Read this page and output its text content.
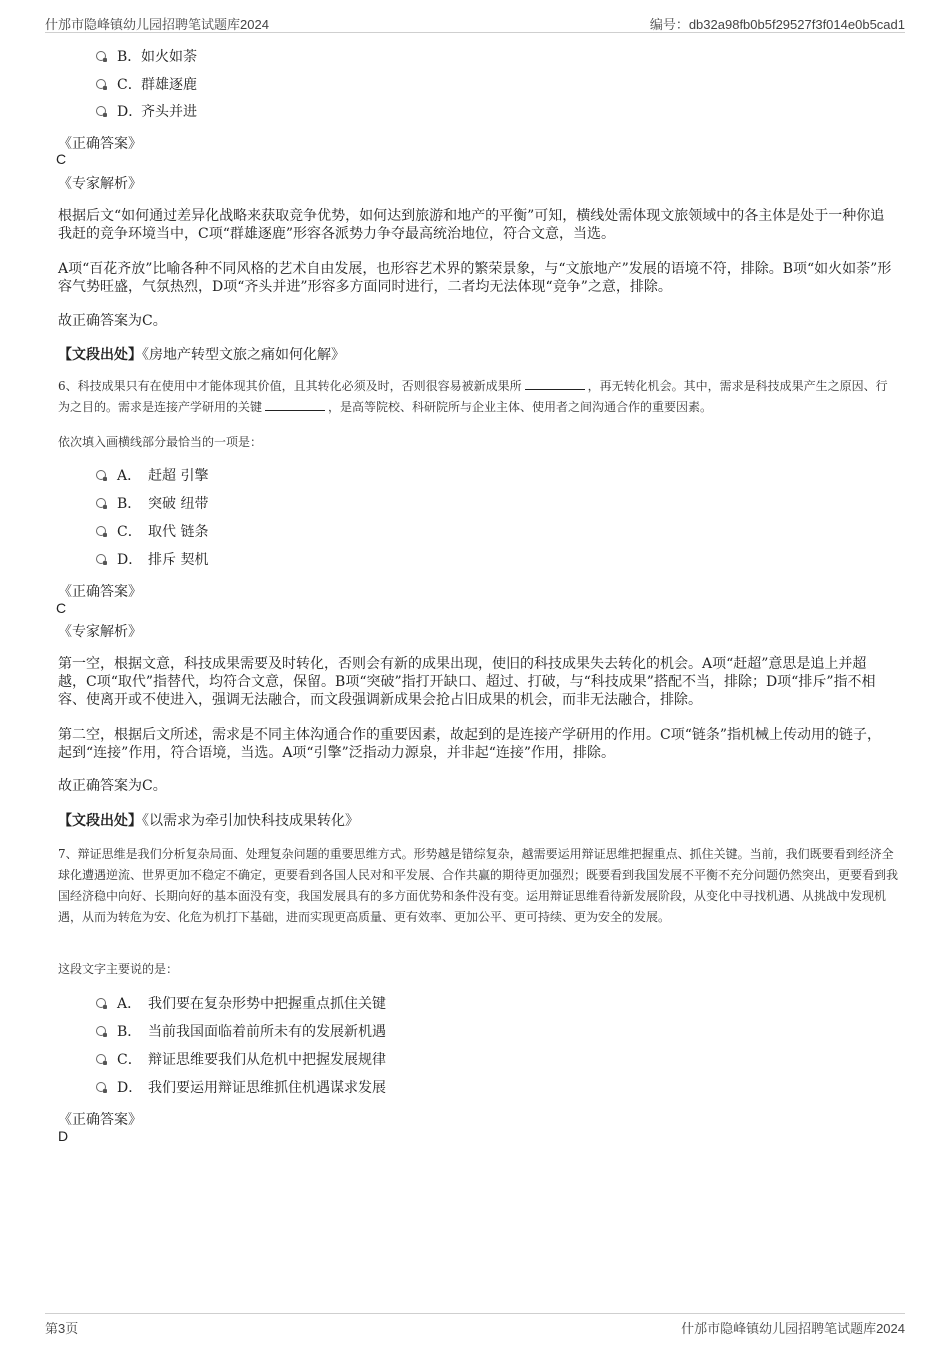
什邡市隐峰镇幼儿园招聘笔试题库2024	编号：db32a98fb0b5f29527f3f014e0b5cad1
B． 如火如荼
C． 群雄逐鹿
D．
齐头并进
《正确答案》
C
《专家解析》
根据后文“如何通过差异化战略来获取竞争优势，如何达到旅游和地产的平衡”可知，横线处需体现文旅领域中的各主体是处于一种你追我赶的竞争环境当中，C项“群雄逐鹿”形容各派势力争夺最高统治地位，符合文意，当选。
A项“百花齐放”比喻各种不同风格的艺术自由发展，也形容艺术界的繁荣景象，与“文旅地产”发展的语境不符，排除。B项“如火如荼”形容气势旺盛，气氛热烈，D项“齐头并进”形容多方面同时进行，二者均无法体现“竞争”之意，排除。
故正确答案为C。
【文段出处】《房地产转型文旅之痛如何化解》
6、科技成果只有在使用中才能体现其价值，且其转化必须及时，否则很容易被新成果所	，再无转化机会。其中，需求是科技成果产生之原因、行为之目的。需求是连接产学研用的关键	，是高等院校、科研院所与企业主体、使用者之间沟通合作的重要因素。
依次填入画横线部分最恰当的一项是：
A． 赶超 引擎
B． 突破 纽带
C． 取代 链条
D． 排斥 契机
《正确答案》
C
《专家解析》
第一空，根据文意，科技成果需要及时转化，否则会有新的成果出现，使旧的科技成果失去转化的机会。A项“赶超”意思是追上并超越，C项“取代”指替代，均符合文意，保留。B项“突破”指打开缺口、超过、打破，与“科技成果”搭配不当，排除；D项“排斥”指不相容、使离开或不使进入，强调无法融合，而文段强调新成果会抢占旧成果的机会，而非无法融合，排除。
第二空，根据后文所述，需求是不同主体沟通合作的重要因素，故起到的是连接产学研用的作用。C项“链条”指机械上传动用的链子，起到“连接”作用，符合语境，当选。A项“引擎”泛指动力源泉，并非起“连接”作用，排除。
故正确答案为C。
【文段出处】《以需求为牵引加快科技成果转化》
7、辩证思维是我们分析复杂局面、处理复杂问题的重要思维方式。形势越是错综复杂，越需要运用辩证思维把握重点、抓住关键。当前，我们既要看到经济全球化遭遇逆流、世界更加不稳定不确定，更要看到各国人民对和平发展、合作共赢的期待更加强烈；既要看到我国发展不平衡不充分问题仍然突出，更要看到我国经济稳中向好、长期向好的基本面没有变，我国发展具有的多方面优势和条件没有变。运用辩证思维看待新发展阶段，从变化中寻找机遇、从挑战中发现机遇，从而为转危为安、化危为机打下基础，进而实现更高质量、更有效率、更加公平、更可持续、更为安全的发展。
这段文字主要说的是：
A． 我们要在复杂形势中把握重点抓住关键
B． 当前我国面临着前所未有的发展新机遇
C． 辩证思维要我们从危机中把握发展规律
D． 我们要运用辩证思维抓住机遇谋求发展
《正确答案》
D
第3页	什邡市隐峰镇幼儿园招聘笔试题库2024
